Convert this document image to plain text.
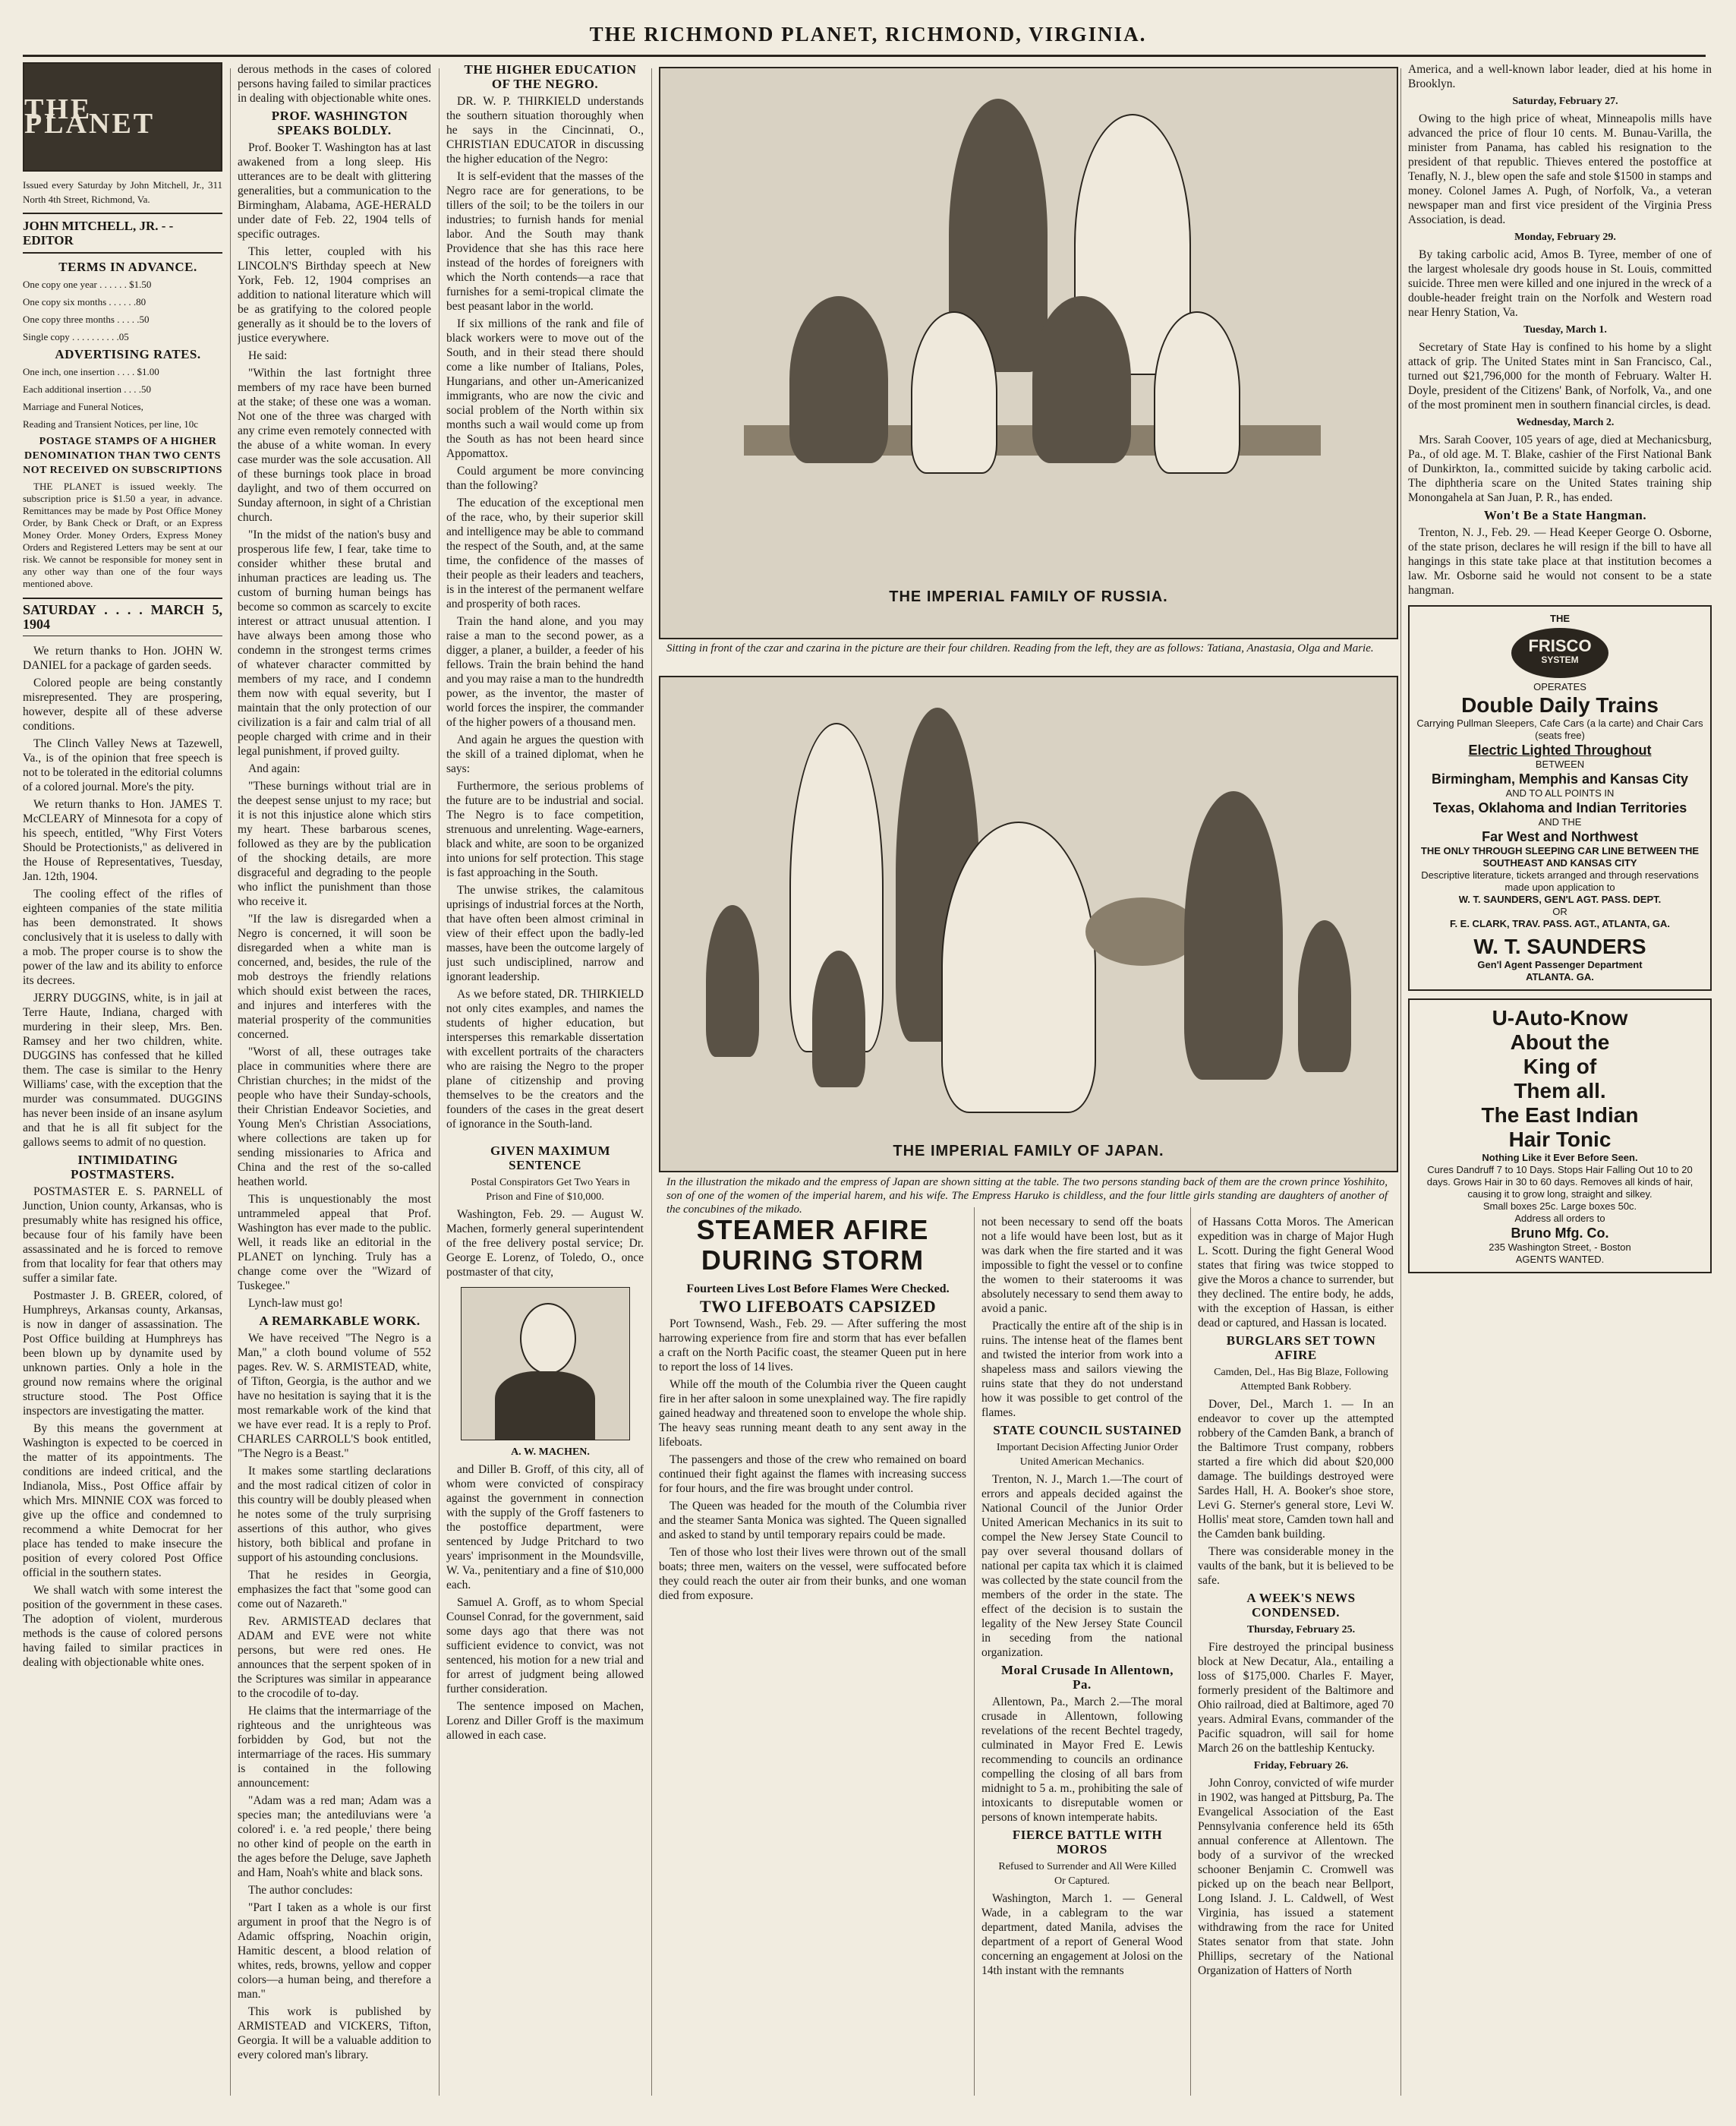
THE RICHMOND PLANET, RICHMOND, VIRGINIA.
THE PLANET

Issued every Saturday by John Mitchell, Jr., 311 North 4th Street, Richmond, Va.

JOHN MITCHELL, JR. - - EDITOR

TERMS IN ADVANCE.

One copy one year . . . . . . $1.50

One copy six months . . . . . .80

One copy three months . . . . .50

Single copy . . . . . . . . . .05

ADVERTISING RATES.

One inch, one insertion . . . . $1.00

Each additional insertion . . . .50

Marriage and Funeral Notices,

Reading and Transient Notices, per line, 10c

POSTAGE STAMPS OF A HIGHER DENOMINATION THAN TWO CENTS NOT RECEIVED ON SUBSCRIPTIONS

THE PLANET is issued weekly. The subscription price is $1.50 a year, in advance. Remittances may be made by Post Office Money Order, by Bank Check or Draft, or an Express Money Order. Money Orders, Express Money Orders and Registered Letters may be sent at our risk. We cannot be responsible for money sent in any other way than one of the four ways mentioned above.

SATURDAY . . . . MARCH 5, 1904

We return thanks to Hon. JOHN W. DANIEL for a package of garden seeds.

Colored people are being constantly misrepresented. They are prospering, however, despite all of these adverse conditions.

The Clinch Valley News at Tazewell, Va., is of the opinion that free speech is not to be tolerated in the editorial columns of a colored journal. More's the pity.

We return thanks to Hon. JAMES T. McCLEARY of Minnesota for a copy of his speech, entitled, "Why First Voters Should be Protectionists," as delivered in the House of Representatives, Tuesday, Jan. 12th, 1904.

The cooling effect of the rifles of eighteen companies of the state militia has been demonstrated. It shows conclusively that it is useless to dally with a mob. The proper course is to show the power of the law and its ability to enforce its decrees.

JERRY DUGGINS, white, is in jail at Terre Haute, Indiana, charged with murdering in their sleep, Mrs. Ben. Ramsey and her two children, white. DUGGINS has confessed that he killed them. The case is similar to the Henry Williams' case, with the exception that the murder was consummated. DUGGINS has never been inside of an insane asylum and that he is all fit subject for the gallows seems to admit of no question.

INTIMIDATING POSTMASTERS.

POSTMASTER E. S. PARNELL of Junction, Union county, Arkansas, who is presumably white has resigned his office, because four of his family have been assassinated and he is forced to remove from that locality for fear that others may suffer a similar fate.

Postmaster J. B. GREER, colored, of Humphreys, Arkansas county, Arkansas, is now in danger of assassination. The Post Office building at Humphreys has been blown up by dynamite used by unknown parties. Only a hole in the ground now remains where the original structure stood. The Post Office inspectors are investigating the matter.

By this means the government at Washington is expected to be coerced in the matter of its appointments. The conditions are indeed critical, and the Indianola, Miss., Post Office affair by which Mrs. MINNIE COX was forced to give up the office and condemned to recommend a white Democrat for her place has tended to make insecure the position of every colored Post Office official in the southern states.

We shall watch with some interest the position of the government in these cases. The adoption of violent, murderous methods is the cause of colored persons having failed to similar practices in dealing with objectionable white ones.

derous methods in the cases of colored persons having failed to similar practices in dealing with objectionable white ones.

PROF. WASHINGTON SPEAKS BOLDLY.

Prof. Booker T. Washington has at last awakened from a long sleep. His utterances are to be dealt with glittering generalities, but a communication to the Birmingham, Alabama, AGE-HERALD under date of Feb. 22, 1904 tells of specific outrages.

This letter, coupled with his LINCOLN'S Birthday speech at New York, Feb. 12, 1904 comprises an addition to national literature which will be as gratifying to the colored people generally as it should be to the lovers of justice everywhere.

He said:

"Within the last fortnight three members of my race have been burned at the stake; of these one was a woman. Not one of the three was charged with any crime even remotely connected with the abuse of a white woman. In every case murder was the sole accusation. All of these burnings took place in broad daylight, and two of them occurred on Sunday afternoon, in sight of a Christian church.

"In the midst of the nation's busy and prosperous life few, I fear, take time to consider whither these brutal and inhuman practices are leading us. The custom of burning human beings has become so common as scarcely to excite interest or attract unusual attention. I have always been among those who condemn in the strongest terms crimes of whatever character committed by members of my race, and I condemn them now with equal severity, but I maintain that the only protection of our civilization is a fair and calm trial of all people charged with crime and in their legal punishment, if proved guilty.

And again:

"These burnings without trial are in the deepest sense unjust to my race; but it is not this injustice alone which stirs my heart. These barbarous scenes, followed as they are by the publication of the shocking details, are more disgraceful and degrading to the people who inflict the punishment than those who receive it.

"If the law is disregarded when a Negro is concerned, it will soon be disregarded when a white man is concerned, and, besides, the rule of the mob destroys the friendly relations which should exist between the races, and injures and interferes with the material prosperity of the communities concerned.

"Worst of all, these outrages take place in communities where there are Christian churches; in the midst of the people who have their Sunday-schools, their Christian Endeavor Societies, and Young Men's Christian Associations, where collections are taken up for sending missionaries to Africa and China and the rest of the so-called heathen world.

This is unquestionably the most untrammeled appeal that Prof. Washington has ever made to the public. Well, it reads like an editorial in the PLANET on lynching. Truly has a change come over the "Wizard of Tuskegee."

Lynch-law must go!

A REMARKABLE WORK.

We have received "The Negro is a Man," a cloth bound volume of 552 pages. Rev. W. S. ARMISTEAD, white, of Tifton, Georgia, is the author and we have no hesitation is saying that it is the most remarkable work of the kind that we have ever read. It is a reply to Prof. CHARLES CARROLL'S book entitled, "The Negro is a Beast."

It makes some startling declarations and the most radical citizen of color in this country will be doubly pleased when he notes some of the truly surprising assertions of this author, who gives history, both biblical and profane in support of his astounding conclusions.

That he resides in Georgia, emphasizes the fact that "some good can come out of Nazareth."

Rev. ARMISTEAD declares that ADAM and EVE were not white persons, but were red ones. He announces that the serpent spoken of in the Scriptures was similar in appearance to the crocodile of to-day.

He claims that the intermarriage of the righteous and the unrighteous was forbidden by God, but not the intermarriage of the races. His summary is contained in the following announcement:

"Adam was a red man; Adam was a species man; the antediluvians were 'a colored' i. e. 'a red people,' there being no other kind of people on the earth in the ages before the Deluge, save Japheth and Ham, Noah's white and black sons.

The author concludes:

"Part I taken as a whole is our first argument in proof that the Negro is of Adamic offspring, Noachin origin, Hamitic descent, a blood relation of whites, reds, browns, yellow and copper colors—a human being, and therefore a man."

This work is published by ARMISTEAD and VICKERS, Tifton, Georgia. It will be a valuable addition to every colored man's library.

THE HIGHER EDUCATION OF THE NEGRO.

DR. W. P. THIRKIELD understands the southern situation thoroughly when he says in the Cincinnati, O., CHRISTIAN EDUCATOR in discussing the higher education of the Negro:

It is self-evident that the masses of the Negro race are for generations, to be tillers of the soil; to be the toilers in our industries; to furnish hands for menial labor. And the South may thank Providence that she has this race here instead of the hordes of foreigners with which the North contends—a race that furnishes for a semi-tropical climate the best peasant labor in the world.

If six millions of the rank and file of black workers were to move out of the South, and in their stead there should come a like number of Italians, Poles, Hungarians, and other un-Americanized immigrants, who are now the civic and social problem of the North within six months such a wail would come up from the South as has not been heard since Appomattox.

Could argument be more convincing than the following?

The education of the exceptional men of the race, who, by their superior skill and intelligence may be able to command the respect of the South, and, at the same time, the confidence of the masses of their people as their leaders and teachers, is in the interest of the permanent welfare and prosperity of both races.

Train the hand alone, and you may raise a man to the second power, as a digger, a planer, a builder, a feeder of his fellows. Train the brain behind the hand and you may raise a man to the hundredth power, as the inventor, the master of world forces the inspirer, the commander of the higher powers of a thousand men.

And again he argues the question with the skill of a trained diplomat, when he says:

Furthermore, the serious problems of the future are to be industrial and social. The Negro is to face competition, strenuous and unrelenting. Wage-earners, black and white, are soon to be organized into unions for self protection. This stage is fast approaching in the South.

The unwise strikes, the calamitous uprisings of industrial forces at the North, that have often been almost criminal in view of their effect upon the badly-led masses, have been the outcome largely of just such undisciplined, narrow and ignorant leadership.

As we before stated, DR. THIRKIELD not only cites examples, and names the students of higher education, but intersperses this remarkable dissertation with excellent portraits of the characters who are raising the Negro to the proper plane of citizenship and proving themselves to be the creators and the founders of the cases in the great desert of ignorance in the South-land.

GIVEN MAXIMUM SENTENCE

Postal Conspirators Get Two Years in Prison and Fine of $10,000.

Washington, Feb. 29. — August W. Machen, formerly general superintendent of the free delivery postal service; Dr. George E. Lorenz, of Toledo, O., once postmaster of that city,

A. W. MACHEN.

and Diller B. Groff, of this city, all of whom were convicted of conspiracy against the government in connection with the supply of the Groff fasteners to the postoffice department, were sentenced by Judge Pritchard to two years' imprisonment in the Moundsville, W. Va., penitentiary and a fine of $10,000 each.

Samuel A. Groff, as to whom Special Counsel Conrad, for the government, said some days ago that there was not sufficient evidence to convict, was not sentenced, his motion for a new trial and for arrest of judgment being allowed further consideration.

The sentence imposed on Machen, Lorenz and Diller Groff is the maximum allowed in each case.

THE IMPERIAL FAMILY OF RUSSIA.
Sitting in front of the czar and czarina in the picture are their four children. Reading from the left, they are as follows: Tatiana, Anastasia, Olga and Marie.
THE IMPERIAL FAMILY OF JAPAN.
In the illustration the mikado and the empress of Japan are shown sitting at the table. The two persons standing back of them are the crown prince Yoshihito, son of one of the women of the imperial harem, and his wife. The Empress Haruko is childless, and the four little girls standing are daughters of another of the concubines of the mikado.
STEAMER AFIRE
DURING STORM

Fourteen Lives Lost Before Flames Were Checked.

TWO LIFEBOATS CAPSIZED

Port Townsend, Wash., Feb. 29. — After suffering the most harrowing experience from fire and storm that has ever befallen a craft on the North Pacific coast, the steamer Queen put in here to report the loss of 14 lives.

While off the mouth of the Columbia river the Queen caught fire in her after saloon in some unexplained way. The fire rapidly gained headway and threatened soon to envelope the whole ship. The heavy seas running meant death to any sent away in the lifeboats.

The passengers and those of the crew who remained on board continued their fight against the flames with increasing success for four hours, and the fire was brought under control.

The Queen was headed for the mouth of the Columbia river and the steamer Santa Monica was sighted. The Queen signalled and asked to stand by until temporary repairs could be made.

Ten of those who lost their lives were thrown out of the small boats; three men, waiters on the vessel, were suffocated before they could reach the outer air from their bunks, and one woman died from exposure.

not been necessary to send off the boats not a life would have been lost, but as it was dark when the fire started and it was impossible to fight the vessel or to confine the women to their staterooms it was absolutely necessary to send them away to avoid a panic.

Practically the entire aft of the ship is in ruins. The intense heat of the flames bent and twisted the interior from work into a shapeless mass and sailors viewing the ruins state that they do not understand how it was possible to get control of the flames.

STATE COUNCIL SUSTAINED

Important Decision Affecting Junior Order United American Mechanics.

Trenton, N. J., March 1.—The court of errors and appeals decided against the National Council of the Junior Order United American Mechanics in its suit to compel the New Jersey State Council to pay over several thousand dollars of national per capita tax which it is claimed was collected by the state council from the members of the order in the state. The effect of the decision is to sustain the legality of the New Jersey State Council in seceding from the national organization.

Moral Crusade In Allentown, Pa.

Allentown, Pa., March 2.—The moral crusade in Allentown, following revelations of the recent Bechtel tragedy, culminated in Mayor Fred E. Lewis recommending to councils an ordinance compelling the closing of all bars from midnight to 5 a. m., prohibiting the sale of intoxicants to disreputable women or persons of known intemperate habits.

FIERCE BATTLE WITH MOROS

Refused to Surrender and All Were Killed Or Captured.

Washington, March 1. — General Wade, in a cablegram to the war department, dated Manila, advises the department of a report of General Wood concerning an engagement at Jolosi on the 14th instant with the remnants

of Hassans Cotta Moros. The American expedition was in charge of Major Hugh L. Scott. During the fight General Wood states that firing was twice stopped to give the Moros a chance to surrender, but they declined. The entire body, he adds, with the exception of Hassan, is either dead or captured, and Hassan is located.

BURGLARS SET TOWN AFIRE

Camden, Del., Has Big Blaze, Following Attempted Bank Robbery.

Dover, Del., March 1. — In an endeavor to cover up the attempted robbery of the Camden Bank, a branch of the Baltimore Trust company, robbers started a fire which did about $20,000 damage. The buildings destroyed were Sardes Hall, H. A. Booker's shoe store, Levi G. Sterner's general store, Levi W. Hollis' meat store, Camden town hall and the Camden bank building.

There was considerable money in the vaults of the bank, but it is believed to be safe.

A WEEK'S NEWS CONDENSED.

Thursday, February 25.

Fire destroyed the principal business block at New Decatur, Ala., entailing a loss of $175,000. Charles F. Mayer, formerly president of the Baltimore and Ohio railroad, died at Baltimore, aged 70 years. Admiral Evans, commander of the Pacific squadron, will sail for home March 26 on the battleship Kentucky.

Friday, February 26.

John Conroy, convicted of wife murder in 1902, was hanged at Pittsburg, Pa. The Evangelical Association of the East Pennsylvania conference held its 65th annual conference at Allentown. The body of a survivor of the wrecked schooner Benjamin C. Cromwell was picked up on the beach near Bellport, Long Island. J. L. Caldwell, of West Virginia, has issued a statement withdrawing from the race for United States senator from that state. John Phillips, secretary of the National Organization of Hatters of North

America, and a well-known labor leader, died at his home in Brooklyn.

Saturday, February 27.

Owing to the high price of wheat, Minneapolis mills have advanced the price of flour 10 cents. M. Bunau-Varilla, the minister from Panama, has cabled his resignation to the president of that republic. Thieves entered the postoffice at Tenafly, N. J., blew open the safe and stole $1500 in stamps and money. Colonel James A. Pugh, of Norfolk, Va., a veteran newspaper man and first vice president of the Virginia Press Association, is dead.

Monday, February 29.

By taking carbolic acid, Amos B. Tyree, member of one of the largest wholesale dry goods house in St. Louis, committed suicide. Three men were killed and one injured in the wreck of a double-header freight train on the Norfolk and Western road near Henry Station, Va.

Tuesday, March 1.

Secretary of State Hay is confined to his home by a slight attack of grip. The United States mint in San Francisco, Cal., turned out $21,796,000 for the month of February. Walter H. Doyle, president of the Citizens' Bank, of Norfolk, Va., and one of the most prominent men in southern financial circles, is dead.

Wednesday, March 2.

Mrs. Sarah Coover, 105 years of age, died at Mechanicsburg, Pa., of old age. M. T. Blake, cashier of the First National Bank of Dunkirkton, Ia., committed suicide by taking carbolic acid. The diphtheria scare on the United States training ship Monongahela at San Juan, P. R., has ended.

Won't Be a State Hangman.

Trenton, N. J., Feb. 29. — Head Keeper George O. Osborne, of the state prison, declares he will resign if the bill to have all hangings in this state take place at that institution becomes a law. Mr. Osborne said he would not consent to be a state hangman.

THE
FRISCO
SYSTEM
OPERATES
Double Daily Trains
Carrying Pullman Sleepers, Cafe Cars (a la carte) and Chair Cars (seats free)
Electric Lighted Throughout
BETWEEN
Birmingham, Memphis and Kansas City
AND TO ALL POINTS IN
Texas, Oklahoma and Indian Territories
AND THE
Far West and Northwest
THE ONLY THROUGH SLEEPING CAR LINE BETWEEN THE SOUTHEAST AND KANSAS CITY
Descriptive literature, tickets arranged and through reservations made upon application to
W. T. SAUNDERS, GEN'L AGT. PASS. DEPT.
OR
F. E. CLARK, TRAV. PASS. AGT., ATLANTA, GA.
W. T. SAUNDERS
Gen'l Agent Passenger Department
ATLANTA. GA.
U-Auto-Know
About the
King of
Them all.
The East Indian
Hair Tonic
Nothing Like it Ever Before Seen.
Cures Dandruff 7 to 10 Days. Stops Hair Falling Out 10 to 20 days. Grows Hair in 30 to 60 days. Removes all kinds of hair, causing it to grow long, straight and silkey.
Small boxes 25c. Large boxes 50c.
Address all orders to
Bruno Mfg. Co.
235 Washington Street, - Boston
AGENTS WANTED.
